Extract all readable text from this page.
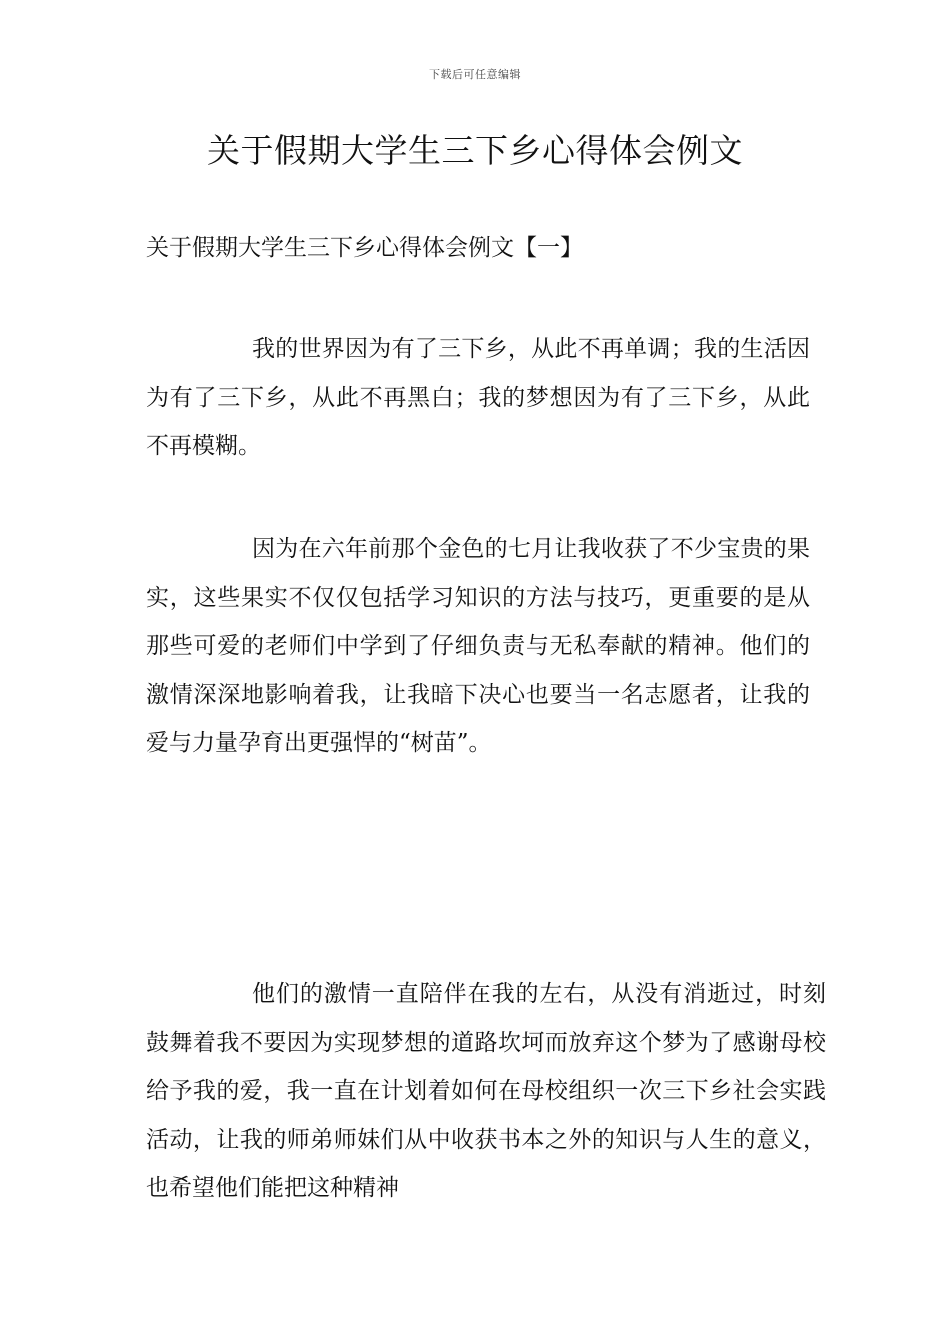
下载后可任意编辑
关于假期大学生三下乡心得体会例文

关于假期大学生三下乡心得体会例文【一】

我的世界因为有了三下乡，从此不再单调；我的生活因为有了三下乡，从此不再黑白；我的梦想因为有了三下乡，从此不再模糊。

因为在六年前那个金色的七月让我收获了不少宝贵的果实，这些果实不仅仅包括学习知识的方法与技巧，更重要的是从那些可爱的老师们中学到了仔细负责与无私奉献的精神。他们的激情深深地影响着我，让我暗下决心也要当一名志愿者，让我的爱与力量孕育出更强悍的“树苗”。

他们的激情一直陪伴在我的左右，从没有消逝过，时刻鼓舞着我不要因为实现梦想的道路坎坷而放弃这个梦为了感谢母校给予我的爱，我一直在计划着如何在母校组织一次三下乡社会实践活动，让我的师弟师妹们从中收获书本之外的知识与人生的意义，也希望他们能把这种精神
